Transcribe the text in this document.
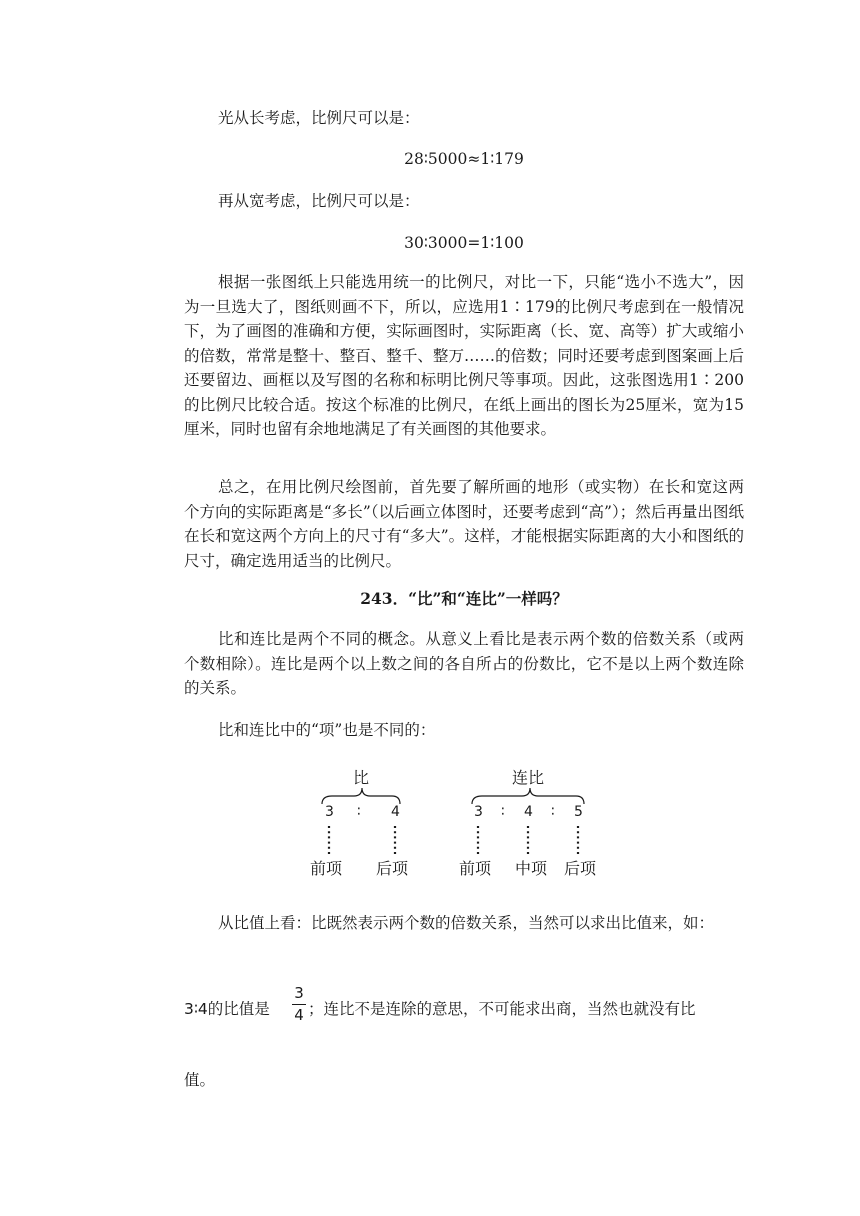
光从长考虑，比例尺可以是：

28∶5000≈1∶179

再从宽考虑，比例尺可以是：

30∶3000=1∶100

根据一张图纸上只能选用统一的比例尺，对比一下，只能“选小不选大”，因为一旦选大了，图纸则画不下，所以，应选用1∶179的比例尺考虑到在一般情况下，为了画图的准确和方便，实际画图时，实际距离（长、宽、高等）扩大或缩小的倍数，常常是整十、整百、整千、整万……的倍数；同时还要考虑到图案画上后还要留边、画框以及写图的名称和标明比例尺等事项。因此，这张图选用1∶200的比例尺比较合适。按这个标准的比例尺，在纸上画出的图长为25厘米，宽为15厘米，同时也留有余地地满足了有关画图的其他要求。

总之，在用比例尺绘图前，首先要了解所画的地形（或实物）在长和宽这两个方向的实际距离是“多长”（以后画立体图时，还要考虑到“高”）；然后再量出图纸在长和宽这两个方向上的尺寸有“多大”。这样，才能根据实际距离的大小和图纸的尺寸，确定选用适当的比例尺。

243．“比”和“连比”一样吗？

比和连比是两个不同的概念。从意义上看比是表示两个数的倍数关系（或两个数相除）。连比是两个以上数之间的各自所占的份数比，它不是以上两个数连除的关系。

比和连比中的“项”也是不同的：

比	连比
3 ∶ 4	3 ∶ 4 ∶ 5
前项 后项	前项 中项 后项

从比值上看：比既然表示两个数的倍数关系，当然可以求出比值来，如：

3∶4的比值是
3
4 ；连比不是连除的意思，不可能求出商，当然也就没有比

值。
